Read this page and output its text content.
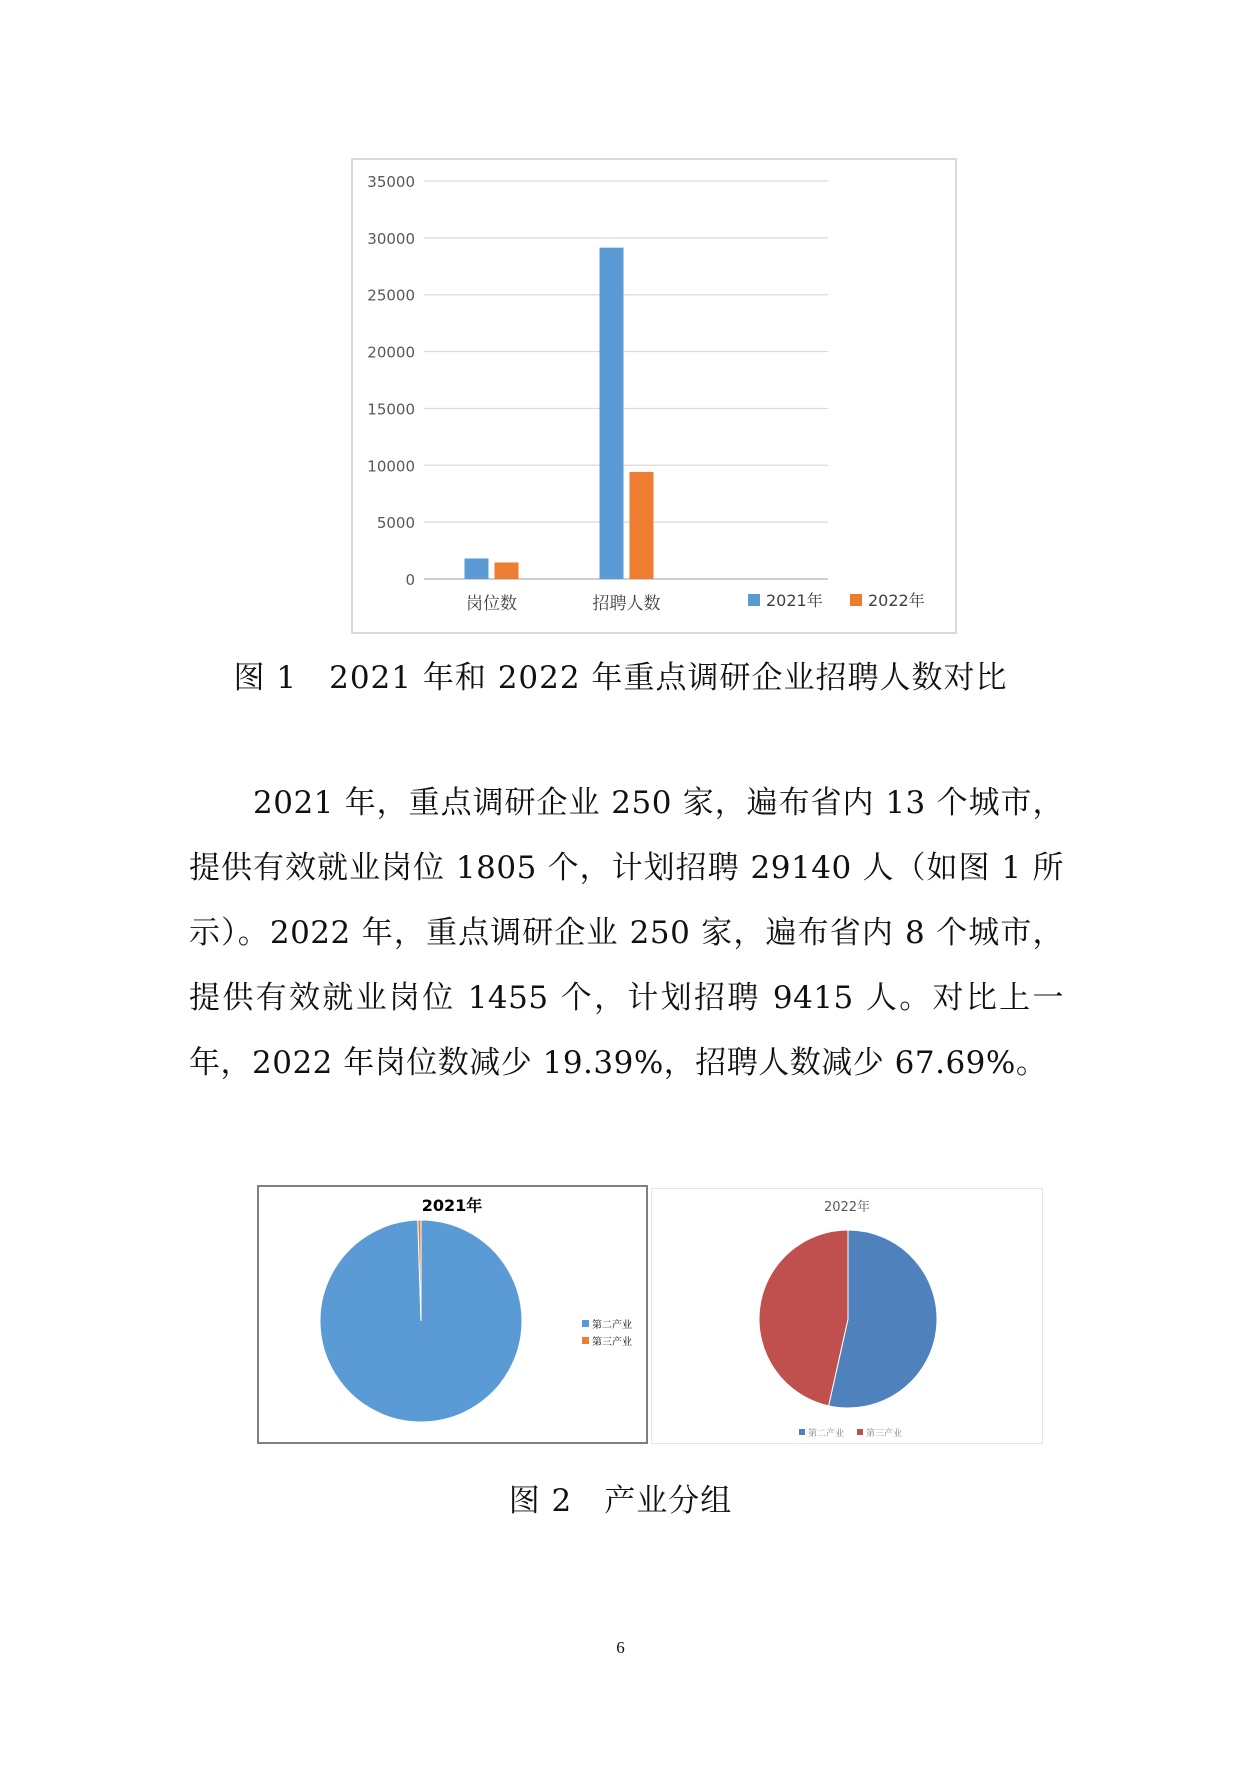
0
5000
10000
15000
20000
25000
30000
35000
岗位数	招聘人数	2021年	2022年
图 1　2021 年和 2022 年重点调研企业招聘人数对比

2021 年，重点调研企业 250 家，遍布省内 13 个城市，提供有效就业岗位 1805 个，计划招聘 29140 人（如图 1 所示）。2022 年，重点调研企业 250 家，遍布省内 8 个城市，提供有效就业岗位 1455 个，计划招聘 9415 人。对比上一年，2022 年岗位数减少 19.39%，招聘人数减少 67.69%。

2021年
第二产业
第三产业
2022年
第二产业 第三产业
图 2　产业分组
6
